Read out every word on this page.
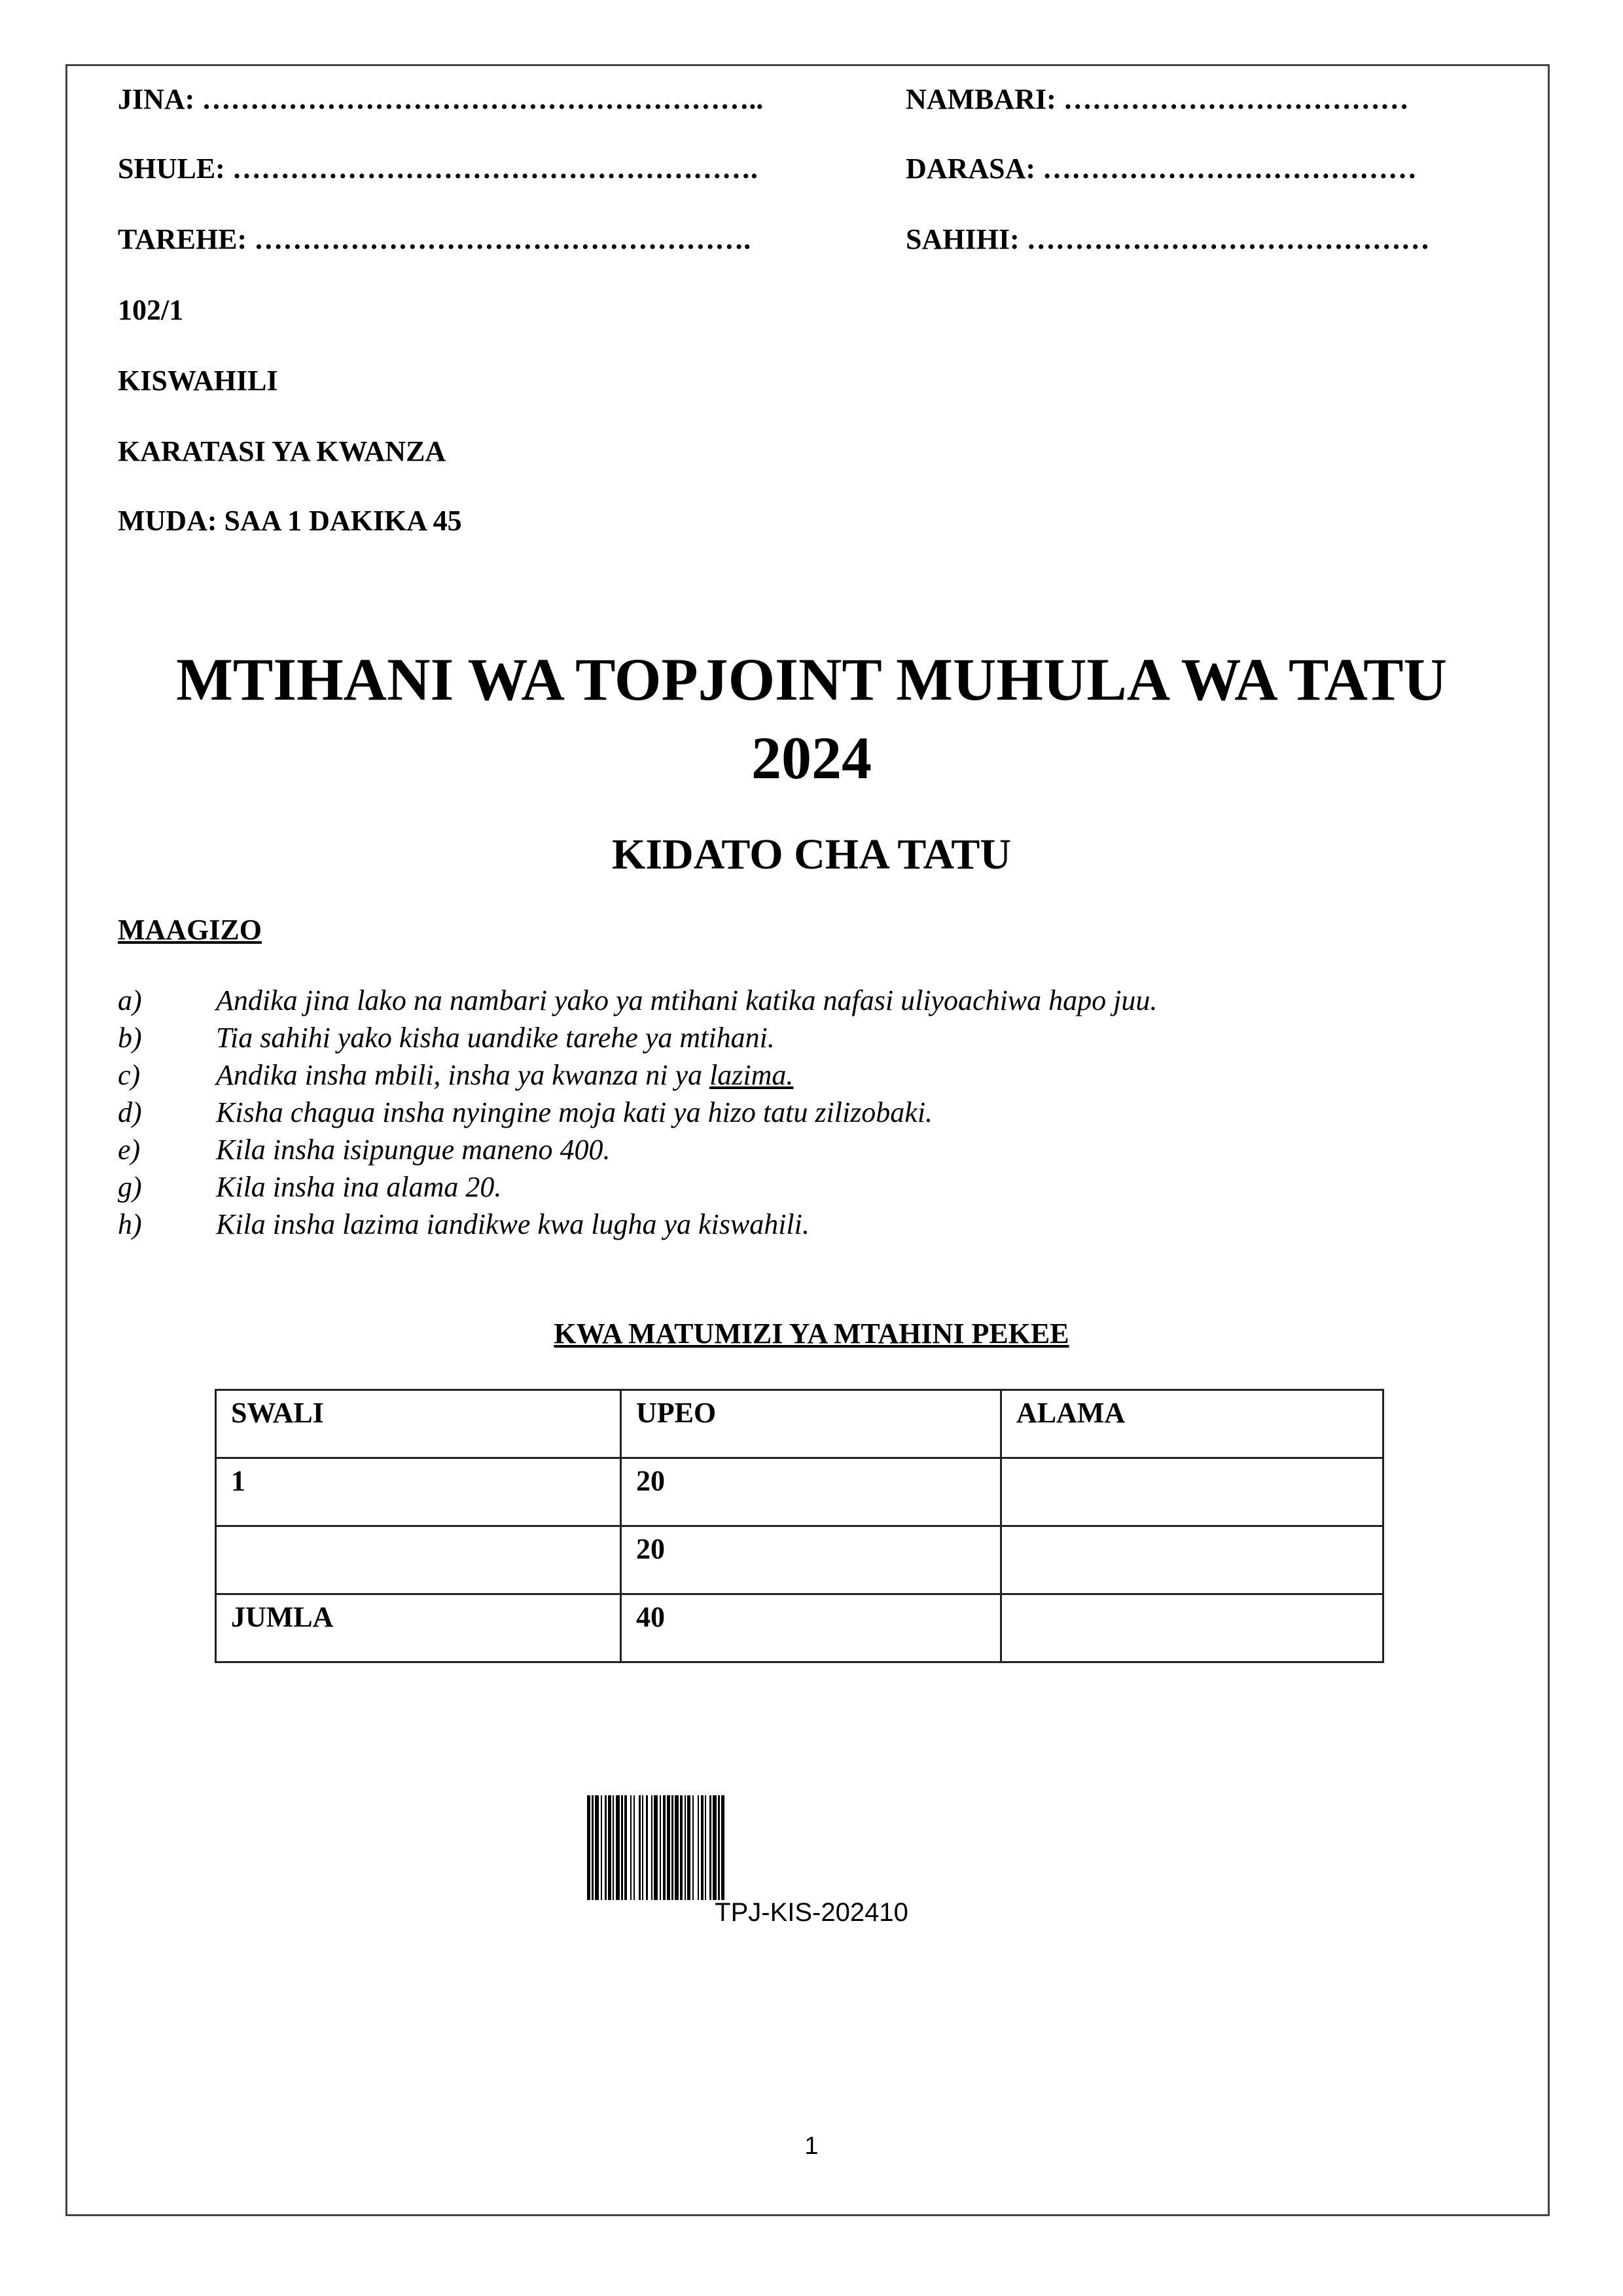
JINA: …………………………………………………..	NAMBARI: ………………………………
SHULE: ……………………………………………….	DARASA: …………………………………
TAREHE: …………………………………………….	SAHIHI: ……………………………………
102/1
KISWAHILI
KARATASI YA KWANZA
MUDA: SAA 1 DAKIKA 45
MTIHANI WA TOPJOINT MUHULA WA TATU
2024
KIDATO CHA TATU
MAAGIZO
a)	Andika jina lako na nambari yako ya mtihani katika nafasi uliyoachiwa hapo juu.
b)	Tia sahihi yako kisha uandike tarehe ya mtihani.
c)	Andika insha mbili, insha ya kwanza ni ya lazima.
d)	Kisha chagua insha nyingine moja kati ya hizo tatu zilizobaki.
e)	Kila insha isipungue maneno 400.
g)	Kila insha ina alama 20.
h)	Kila insha lazima iandikwe kwa lugha ya kiswahili.
KWA MATUMIZI YA MTAHINI PEKEE
SWALI	UPEO	ALAMA
1	20	
	20	
JUMLA	40	
TPJ-KIS-202410
1
